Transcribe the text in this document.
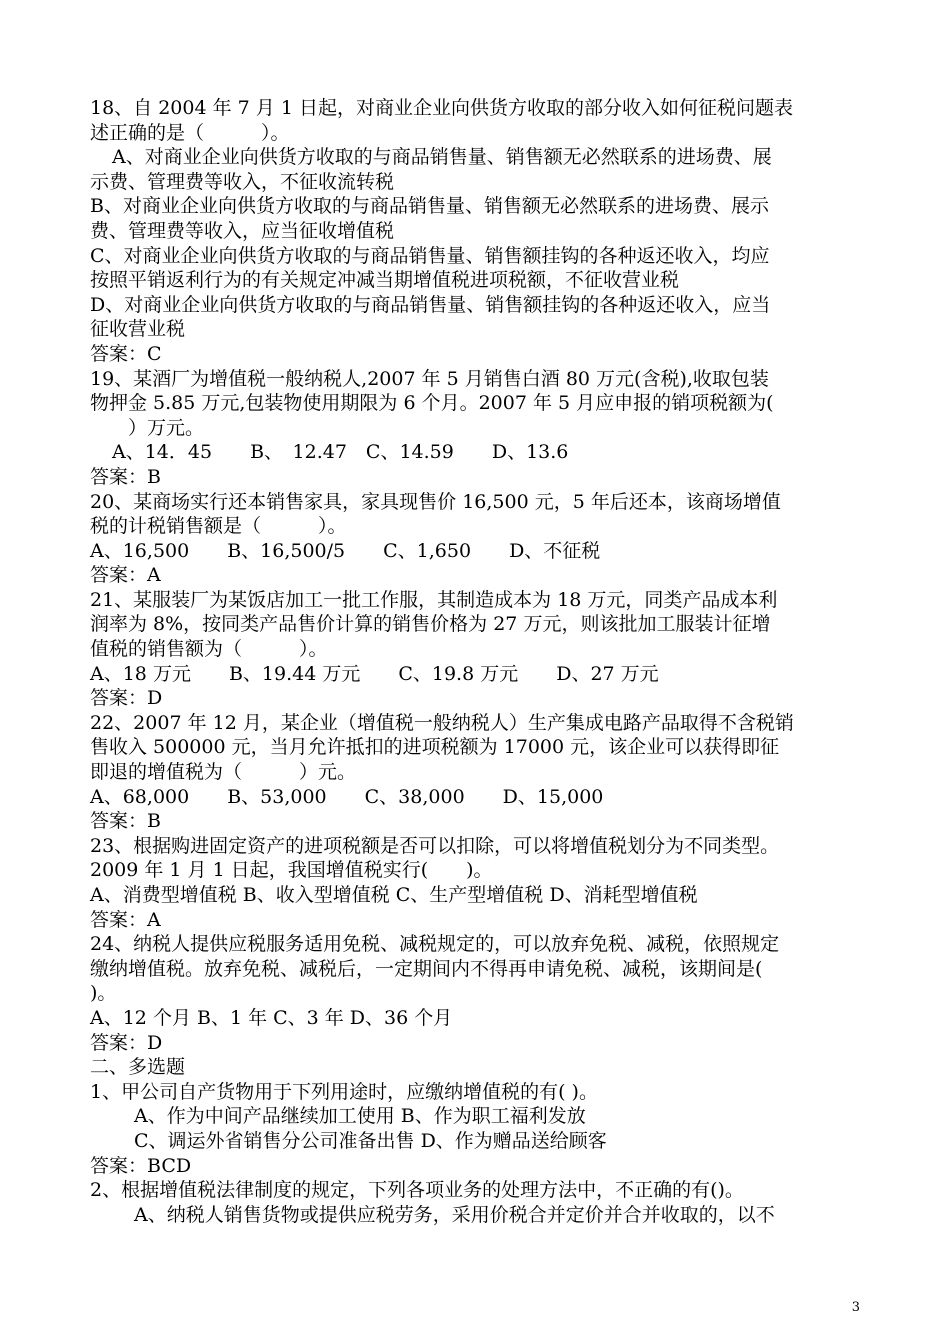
18、自 2004 年 7 月 1 日起，对商业企业向供货方收取的部分收入如何征税问题表
述正确的是（　　　）。
A、对商业企业向供货方收取的与商品销售量、销售额无必然联系的进场费、展
示费、管理费等收入，不征收流转税
B、对商业企业向供货方收取的与商品销售量、销售额无必然联系的进场费、展示
费、管理费等收入，应当征收增值税
C、对商业企业向供货方收取的与商品销售量、销售额挂钩的各种返还收入，均应
按照平销返利行为的有关规定冲减当期增值税进项税额，不征收营业税
D、对商业企业向供货方收取的与商品销售量、销售额挂钩的各种返还收入，应当
征收营业税
答案：C
19、某酒厂为增值税一般纳税人,2007 年 5 月销售白酒 80 万元(含税),收取包装
物押金 5.85 万元,包装物使用期限为 6 个月。2007 年 5 月应申报的销项税额为(
　　）万元。
A、14．45　　B、　12.47　C、14.59　　D、13.6
答案：B
20、某商场实行还本销售家具，家具现售价 16,500 元，5 年后还本，该商场增值
税的计税销售额是（　　　）。
A、16,500　　B、16,500/5　　C、1,650　　D、不征税
答案：A
21、某服装厂为某饭店加工一批工作服，其制造成本为 18 万元，同类产品成本利
润率为 8%，按同类产品售价计算的销售价格为 27 万元，则该批加工服装计征增
值税的销售额为（　　　）。
A、18 万元　　B、19.44 万元　　C、19.8 万元　　D、27 万元
答案：D
22、2007 年 12 月，某企业（增值税一般纳税人）生产集成电路产品取得不含税销
售收入 500000 元，当月允许抵扣的进项税额为 17000 元，该企业可以获得即征
即退的增值税为（　　　）元。
A、68,000　　B、53,000　　C、38,000　　D、15,000
答案：B
23、根据购进固定资产的进项税额是否可以扣除，可以将增值税划分为不同类型。
2009 年 1 月 1 日起，我国增值税实行(　　)。
A、消费型增值税 B、收入型增值税 C、生产型增值税 D、消耗型增值税
答案：A
24、纳税人提供应税服务适用免税、减税规定的，可以放弃免税、减税，依照规定
缴纳增值税。放弃免税、减税后，一定期间内不得再申请免税、减税，该期间是(
)。
A、12 个月 B、1 年 C、3 年 D、36 个月
答案：D
二、多选题
1、甲公司自产货物用于下列用途时，应缴纳增值税的有( )。
A、作为中间产品继续加工使用 B、作为职工福利发放
C、调运外省销售分公司准备出售 D、作为赠品送给顾客
答案：BCD
2、根据增值税法律制度的规定，下列各项业务的处理方法中，不正确的有()。
A、纳税人销售货物或提供应税劳务，采用价税合并定价并合并收取的，以不
3
